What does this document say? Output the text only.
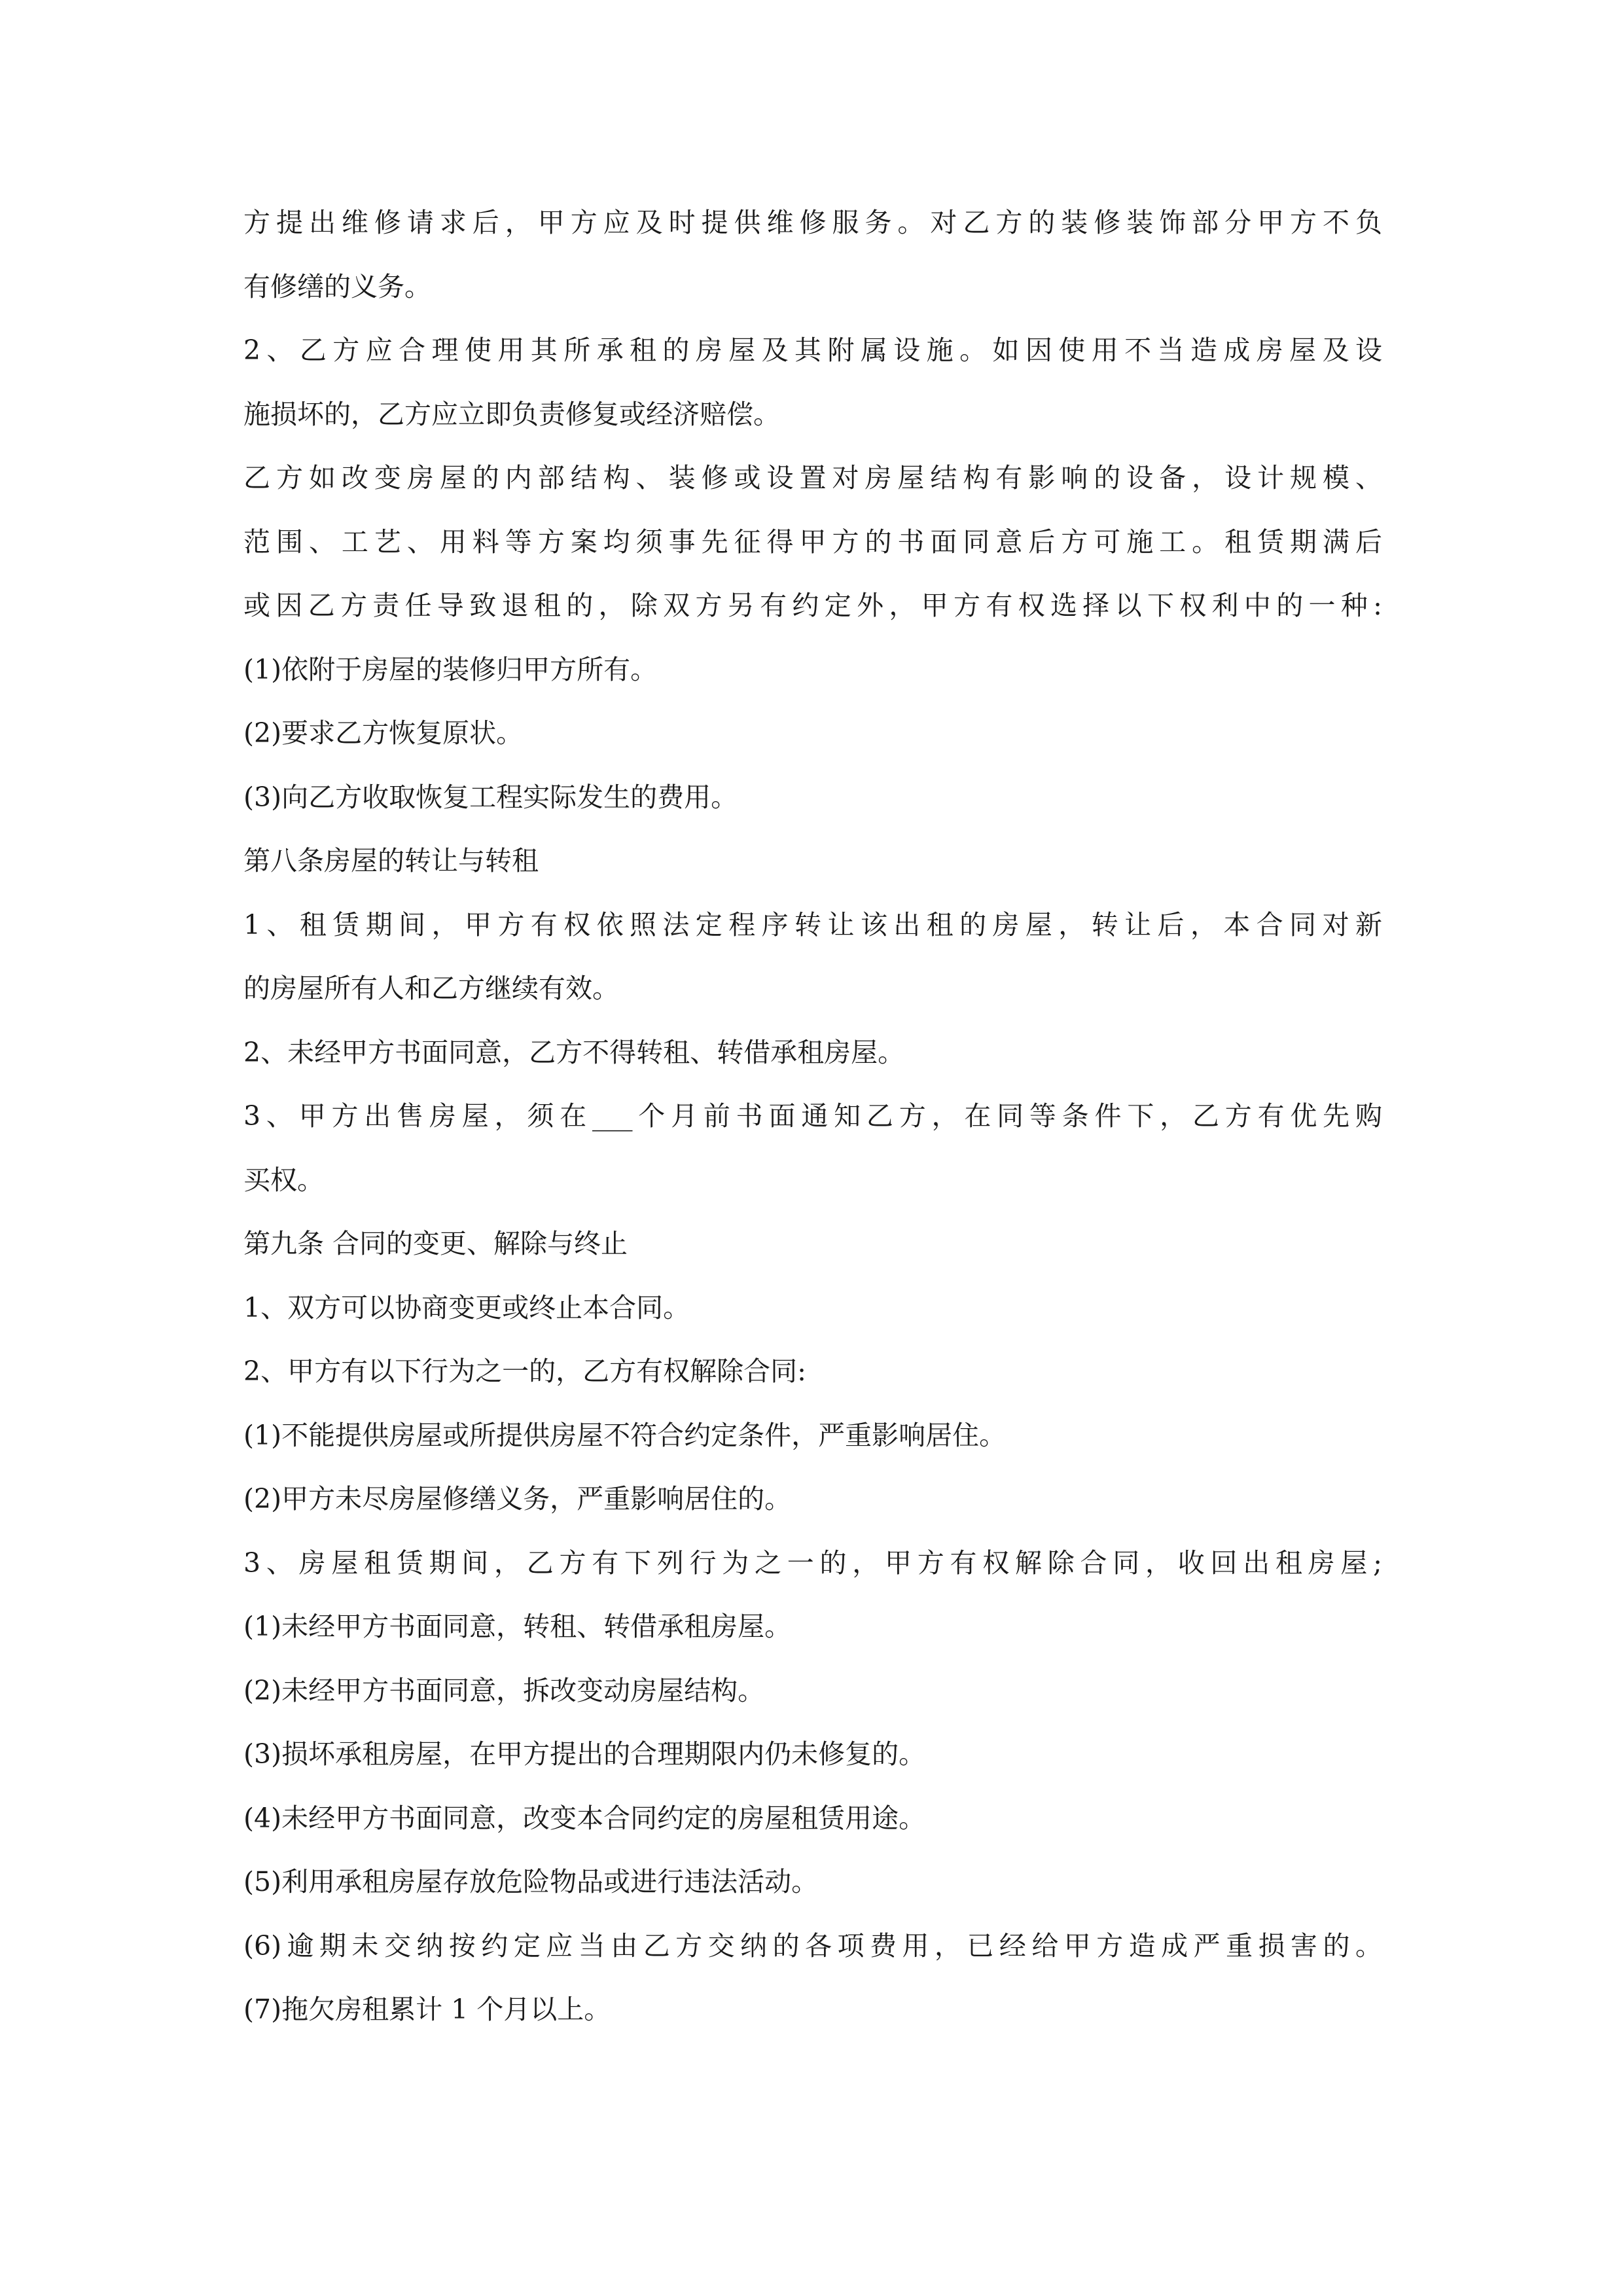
方提出维修请求后，甲方应及时提供维修服务。对乙方的装修装饰部分甲方不负
有修缮的义务。
2、乙方应合理使用其所承租的房屋及其附属设施。如因使用不当造成房屋及设
施损坏的，乙方应立即负责修复或经济赔偿。
乙方如改变房屋的内部结构、装修或设置对房屋结构有影响的设备，设计规模、
范围、工艺、用料等方案均须事先征得甲方的书面同意后方可施工。租赁期满后
或因乙方责任导致退租的，除双方另有约定外，甲方有权选择以下权利中的一种:
(1)依附于房屋的装修归甲方所有。
(2)要求乙方恢复原状。
(3)向乙方收取恢复工程实际发生的费用。
第八条房屋的转让与转租
1、租赁期间，甲方有权依照法定程序转让该出租的房屋，转让后，本合同对新
的房屋所有人和乙方继续有效。
2、未经甲方书面同意，乙方不得转租、转借承租房屋。
3、甲方出售房屋，须在___个月前书面通知乙方，在同等条件下，乙方有优先购
买权。
第九条 合同的变更、解除与终止
1、双方可以协商变更或终止本合同。
2、甲方有以下行为之一的，乙方有权解除合同:
(1)不能提供房屋或所提供房屋不符合约定条件，严重影响居住。
(2)甲方未尽房屋修缮义务，严重影响居住的。
3、房屋租赁期间，乙方有下列行为之一的，甲方有权解除合同，收回出租房屋;
(1)未经甲方书面同意，转租、转借承租房屋。
(2)未经甲方书面同意，拆改变动房屋结构。
(3)损坏承租房屋，在甲方提出的合理期限内仍未修复的。
(4)未经甲方书面同意，改变本合同约定的房屋租赁用途。
(5)利用承租房屋存放危险物品或进行违法活动。
(6)逾期未交纳按约定应当由乙方交纳的各项费用，已经给甲方造成严重损害的。
(7)拖欠房租累计 1 个月以上。
